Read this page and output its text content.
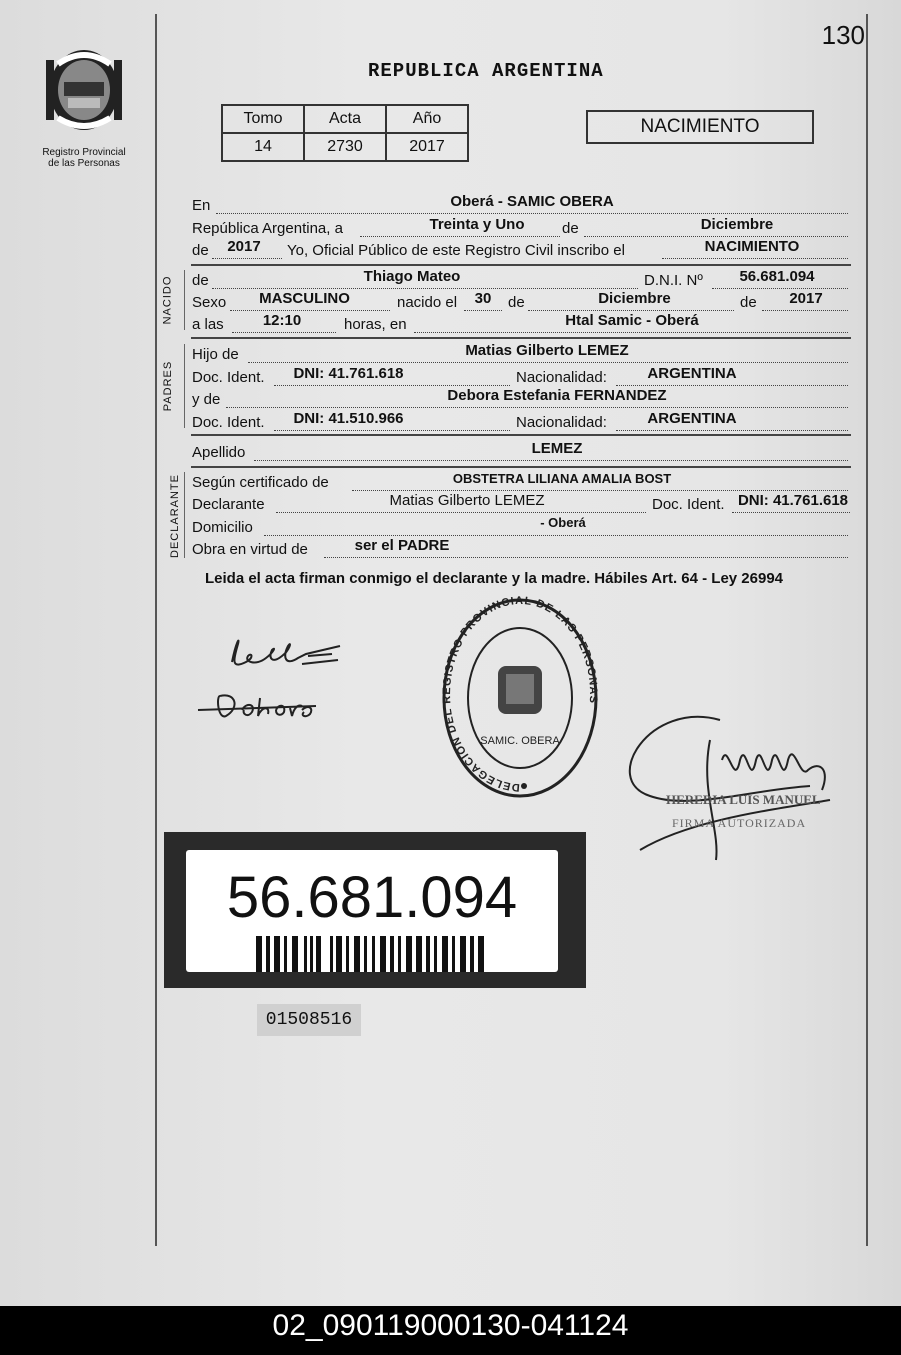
130
Registro Provincial
de las Personas
REPUBLICA ARGENTINA
Tomo	Acta	Año
14	2730	2017
NACIMIENTO
En	Oberá - SAMIC OBERA
República Argentina, a	Treinta y Uno	de	Diciembre
de	2017	Yo, Oficial Público de este Registro Civil inscribo el	NACIMIENTO
NACIDO de	Thiago Mateo	D.N.I. Nº	56.681.094
Sexo	MASCULINO	nacido el	30	de	Diciembre	de	2017
a las	12:10	horas, en	Htal Samic - Oberá
PADRES
Hijo de	Matias Gilberto LEMEZ
Doc. Ident.	DNI: 41.761.618	Nacionalidad:	ARGENTINA
y de	Debora Estefania FERNANDEZ
Doc. Ident.	DNI: 41.510.966	Nacionalidad:	ARGENTINA
Apellido	LEMEZ
DECLARANTE Según certificado de	OBSTETRA LILIANA AMALIA BOST
Declarante	Matias Gilberto LEMEZ	Doc. Ident. DNI: 41.761.618
Domicilio	- Oberá
Obra en virtud de	ser el PADRE
Leida el acta firman conmigo el declarante y la madre. Hábiles Art. 64 - Ley 26994
DELEGACIÓN DEL REGISTRO PROVINCIAL DE LAS PERSONAS
SAMIC. OBERA
HEREDIA LUIS MANUEL
FIRMA AUTORIZADA
56.681.094
01508516
02_090119000130-041124
